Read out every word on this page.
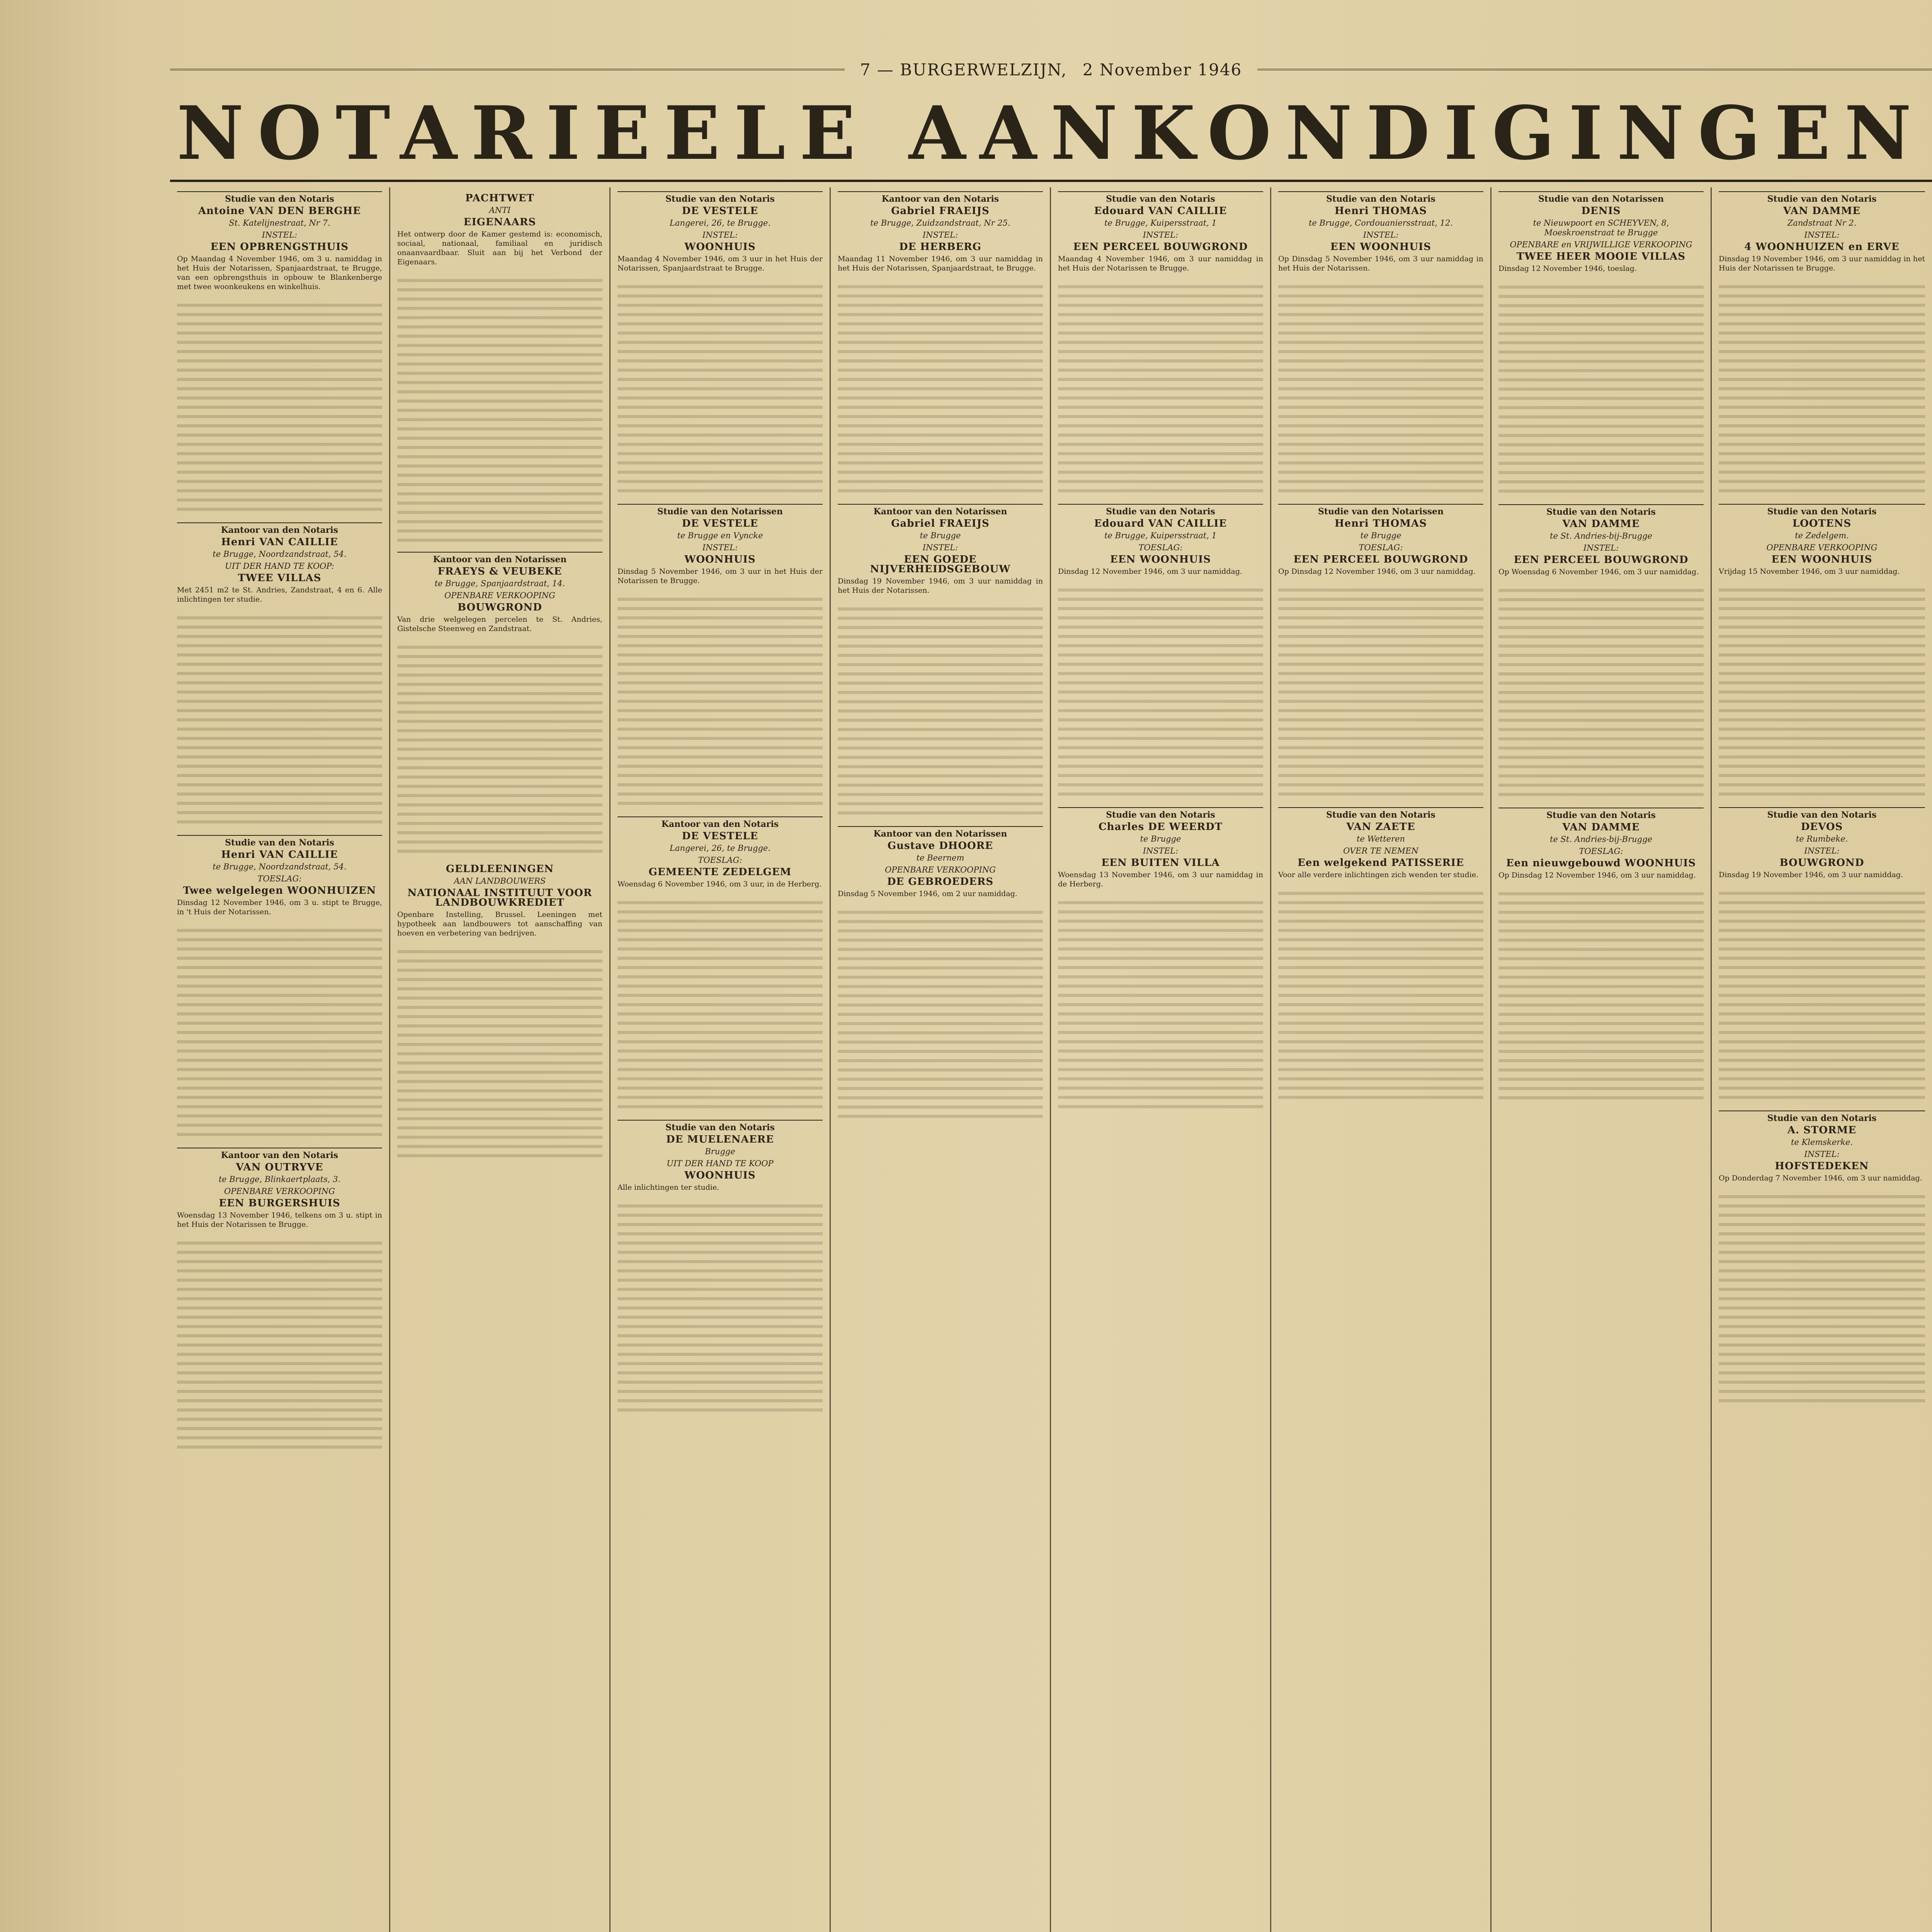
7 — BURGERWELZIJN, 2 November 1946
NOTARIEELE AANKONDIGINGEN
Studie van den Notaris
Antoine VAN DEN BERGHE
St. Katelijnestraat, Nr 7.
INSTEL:
EEN OPBRENGSTHUIS
Op Maandag 4 November 1946, om 3 u. namiddag in het Huis der Notarissen, Spanjaardstraat, te Brugge, van een opbrengsthuis in opbouw te Blankenberge met twee woonkeukens en winkelhuis.
Kantoor van den Notaris
Henri VAN CAILLIE
te Brugge, Noordzandstraat, 54.
UIT DER HAND TE KOOP:
TWEE VILLAS
Met 2451 m2 te St. Andries, Zandstraat, 4 en 6. Alle inlichtingen ter studie.
Studie van den Notaris
Henri VAN CAILLIE
te Brugge, Noordzandstraat, 54.
TOESLAG:
Twee welgelegen WOONHUIZEN
Dinsdag 12 November 1946, om 3 u. stipt te Brugge, in 't Huis der Notarissen.
Kantoor van den Notaris
VAN OUTRYVE
te Brugge, Blinkaertplaats, 3.
OPENBARE VERKOOPING
EEN BURGERSHUIS
Woensdag 13 November 1946, telkens om 3 u. stipt in het Huis der Notarissen te Brugge.
PACHTWET
ANTI
EIGENAARS
Het ontwerp door de Kamer gestemd is: economisch, sociaal, nationaal, familiaal en juridisch onaanvaardbaar. Sluit aan bij het Verbond der Eigenaars.
Kantoor van den Notarissen
FRAEYS & VEUBEKE
te Brugge, Spanjaardstraat, 14.
OPENBARE VERKOOPING
BOUWGROND
Van drie welgelegen percelen te St. Andries, Gistelsche Steenweg en Zandstraat.
GELDLEENINGEN
AAN LANDBOUWERS
NATIONAAL INSTITUUT VOOR LANDBOUWKREDIET
Openbare Instelling, Brussel. Leeningen met hypotheek aan landbouwers tot aanschaffing van hoeven en verbetering van bedrijven.
Studie van den Notaris
DE VESTELE
Langerei, 26, te Brugge.
INSTEL:
WOONHUIS
Maandag 4 November 1946, om 3 uur in het Huis der Notarissen, Spanjaardstraat te Brugge.
Studie van den Notarissen
DE VESTELE
te Brugge en Vyncke
INSTEL:
WOONHUIS
Dinsdag 5 November 1946, om 3 uur in het Huis der Notarissen te Brugge.
Kantoor van den Notaris
DE VESTELE
Langerei, 26, te Brugge.
TOESLAG:
GEMEENTE ZEDELGEM
Woensdag 6 November 1946, om 3 uur, in de Herberg.
Studie van den Notaris
DE MUELENAERE
Brugge
UIT DER HAND TE KOOP
WOONHUIS
Alle inlichtingen ter studie.
Kantoor van den Notaris
Gabriel FRAEIJS
te Brugge, Zuidzandstraat, Nr 25.
INSTEL:
DE HERBERG
Maandag 11 November 1946, om 3 uur namiddag in het Huis der Notarissen, Spanjaardstraat, te Brugge.
Kantoor van den Notarissen
Gabriel FRAEIJS
te Brugge
INSTEL:
EEN GOEDE NIJVERHEIDSGEBOUW
Dinsdag 19 November 1946, om 3 uur namiddag in het Huis der Notarissen.
Kantoor van den Notarissen
Gustave DHOORE
te Beernem
OPENBARE VERKOOPING
DE GEBROEDERS
Dinsdag 5 November 1946, om 2 uur namiddag.
Studie van den Notaris
Edouard VAN CAILLIE
te Brugge, Kuipersstraat, 1
INSTEL:
EEN PERCEEL BOUWGROND
Maandag 4 November 1946, om 3 uur namiddag in het Huis der Notarissen te Brugge.
Studie van den Notaris
Edouard VAN CAILLIE
te Brugge, Kuipersstraat, 1
TOESLAG:
EEN WOONHUIS
Dinsdag 12 November 1946, om 3 uur namiddag.
Studie van den Notaris
Charles DE WEERDT
te Brugge
INSTEL:
EEN BUITEN VILLA
Woensdag 13 November 1946, om 3 uur namiddag in de Herberg.
Studie van den Notaris
Henri THOMAS
te Brugge, Cordouaniersstraat, 12.
INSTEL:
EEN WOONHUIS
Op Dinsdag 5 November 1946, om 3 uur namiddag in het Huis der Notarissen.
Studie van den Notarissen
Henri THOMAS
te Brugge
TOESLAG:
EEN PERCEEL BOUWGROND
Op Dinsdag 12 November 1946, om 3 uur namiddag.
Studie van den Notaris
VAN ZAETE
te Wetteren
OVER TE NEMEN
Een welgekend PATISSERIE
Voor alle verdere inlichtingen zich wenden ter studie.
Studie van den Notarissen
DENIS
te Nieuwpoort en SCHEYVEN, 8, Moeskroenstraat te Brugge
OPENBARE en VRIJWILLIGE VERKOOPING
TWEE HEER MOOIE VILLAS
Dinsdag 12 November 1946, toeslag.
Studie van den Notaris
VAN DAMME
te St. Andries-bij-Brugge
INSTEL:
EEN PERCEEL BOUWGROND
Op Woensdag 6 November 1946, om 3 uur namiddag.
Studie van den Notaris
VAN DAMME
te St. Andries-bij-Brugge
TOESLAG:
Een nieuwgebouwd WOONHUIS
Op Dinsdag 12 November 1946, om 3 uur namiddag.
Studie van den Notaris
VAN DAMME
Zandstraat Nr 2.
INSTEL:
4 WOONHUIZEN en ERVE
Dinsdag 19 November 1946, om 3 uur namiddag in het Huis der Notarissen te Brugge.
Studie van den Notaris
LOOTENS
te Zedelgem.
OPENBARE VERKOOPING
EEN WOONHUIS
Vrijdag 15 November 1946, om 3 uur namiddag.
Studie van den Notaris
DEVOS
te Rumbeke.
INSTEL:
BOUWGROND
Dinsdag 19 November 1946, om 3 uur namiddag.
Studie van den Notaris
A. STORME
te Klemskerke.
INSTEL:
HOFSTEDEKEN
Op Donderdag 7 November 1946, om 3 uur namiddag.
